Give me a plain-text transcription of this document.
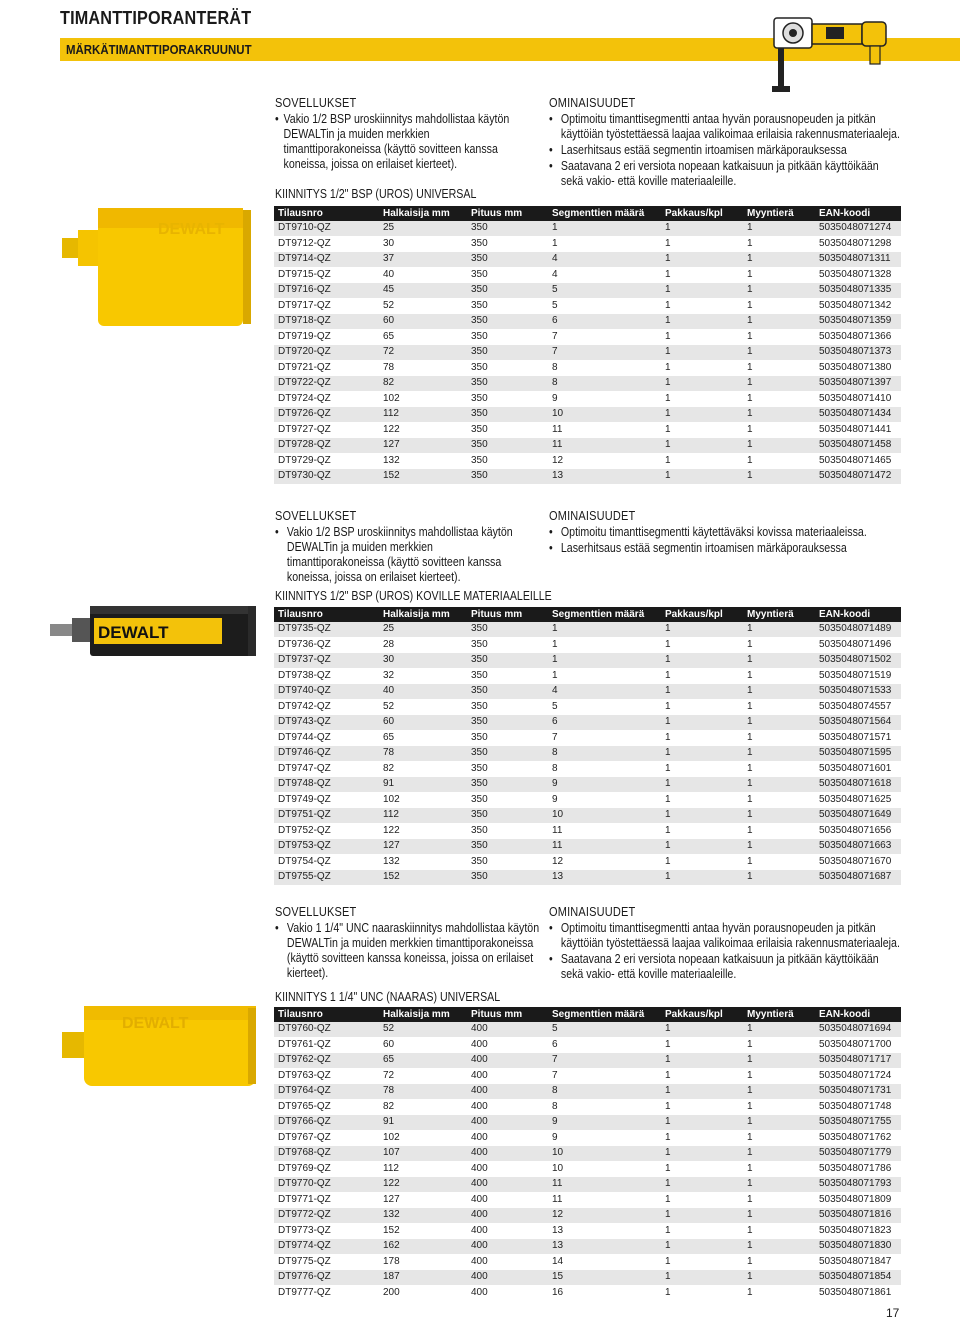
TIMANTTIPORANTERÄT
MÄRKÄTIMANTTIPORAKRUUNUT
SOVELLUKSET
• Vakio 1/2 BSP uroskiinnitys mahdollistaa käytön DEWALTin ja muiden merkkien timanttiporakoneissa (käyttö sovitteen kanssa koneissa, joissa on erilaiset kierteet).
OMINAISUUDET
• Optimoitu timanttisegmentti antaa hyvän porausnopeuden ja pitkän käyttöiän työstettäessä laajaa valikoimaa erilaisia rakennusmateriaaleja.
• Laserhitsaus estää segmentin irtoamisen märkäporauksessa
• Saatavana 2 eri versiota nopeaan katkaisuun ja pitkään käyttöikään sekä vakio- että koville materiaaleille.
KIINNITYS 1/2" BSP (UROS) UNIVERSAL
DEWALT
Tilausnro	Halkaisija mm	Pituus mm	Segmenttien määrä	Pakkaus/kpl	Myyntierä	EAN-koodi
DT9710-QZ	25	350	1	1	1	5035048071274
DT9712-QZ	30	350	1	1	1	5035048071298
DT9714-QZ	37	350	4	1	1	5035048071311
DT9715-QZ	40	350	4	1	1	5035048071328
DT9716-QZ	45	350	5	1	1	5035048071335
DT9717-QZ	52	350	5	1	1	5035048071342
DT9718-QZ	60	350	6	1	1	5035048071359
DT9719-QZ	65	350	7	1	1	5035048071366
DT9720-QZ	72	350	7	1	1	5035048071373
DT9721-QZ	78	350	8	1	1	5035048071380
DT9722-QZ	82	350	8	1	1	5035048071397
DT9724-QZ	102	350	9	1	1	5035048071410
DT9726-QZ	112	350	10	1	1	5035048071434
DT9727-QZ	122	350	11	1	1	5035048071441
DT9728-QZ	127	350	11	1	1	5035048071458
DT9729-QZ	132	350	12	1	1	5035048071465
DT9730-QZ	152	350	13	1	1	5035048071472
SOVELLUKSET
• Vakio 1/2 BSP uroskiinnitys mahdollistaa käytön DEWALTin ja muiden merkkien timanttiporakoneissa (käyttö sovitteen kanssa koneissa, joissa on erilaiset kierteet).
OMINAISUUDET
• Optimoitu timanttisegmentti käytettäväksi kovissa materiaaleissa.
• Laserhitsaus estää segmentin irtoamisen märkäporauksessa
KIINNITYS 1/2" BSP (UROS) KOVILLE MATERIAALEILLE
DEWALT
Tilausnro	Halkaisija mm	Pituus mm	Segmenttien määrä	Pakkaus/kpl	Myyntierä	EAN-koodi
DT9735-QZ	25	350	1	1	1	5035048071489
DT9736-QZ	28	350	1	1	1	5035048071496
DT9737-QZ	30	350	1	1	1	5035048071502
DT9738-QZ	32	350	1	1	1	5035048071519
DT9740-QZ	40	350	4	1	1	5035048071533
DT9742-QZ	52	350	5	1	1	5035048074557
DT9743-QZ	60	350	6	1	1	5035048071564
DT9744-QZ	65	350	7	1	1	5035048071571
DT9746-QZ	78	350	8	1	1	5035048071595
DT9747-QZ	82	350	8	1	1	5035048071601
DT9748-QZ	91	350	9	1	1	5035048071618
DT9749-QZ	102	350	9	1	1	5035048071625
DT9751-QZ	112	350	10	1	1	5035048071649
DT9752-QZ	122	350	11	1	1	5035048071656
DT9753-QZ	127	350	11	1	1	5035048071663
DT9754-QZ	132	350	12	1	1	5035048071670
DT9755-QZ	152	350	13	1	1	5035048071687
SOVELLUKSET
• Vakio 1 1/4" UNC naaraskiinnitys mahdollistaa käytön DEWALTin ja muiden merkkien timanttiporakoneissa (käyttö sovitteen kanssa koneissa, joissa on erilaiset kierteet).
OMINAISUUDET
• Optimoitu timanttisegmentti antaa hyvän porausnopeuden ja pitkän käyttöiän työstettäessä laajaa valikoimaa erilaisia rakennusmateriaaleja.
• Saatavana 2 eri versiota nopeaan katkaisuun ja pitkään käyttöikään sekä vakio- että koville materiaaleille.
KIINNITYS 1 1/4" UNC (NAARAS) UNIVERSAL
DEWALT
Tilausnro	Halkaisija mm	Pituus mm	Segmenttien määrä	Pakkaus/kpl	Myyntierä	EAN-koodi
DT9760-QZ	52	400	5	1	1	5035048071694
DT9761-QZ	60	400	6	1	1	5035048071700
DT9762-QZ	65	400	7	1	1	5035048071717
DT9763-QZ	72	400	7	1	1	5035048071724
DT9764-QZ	78	400	8	1	1	5035048071731
DT9765-QZ	82	400	8	1	1	5035048071748
DT9766-QZ	91	400	9	1	1	5035048071755
DT9767-QZ	102	400	9	1	1	5035048071762
DT9768-QZ	107	400	10	1	1	5035048071779
DT9769-QZ	112	400	10	1	1	5035048071786
DT9770-QZ	122	400	11	1	1	5035048071793
DT9771-QZ	127	400	11	1	1	5035048071809
DT9772-QZ	132	400	12	1	1	5035048071816
DT9773-QZ	152	400	13	1	1	5035048071823
DT9774-QZ	162	400	13	1	1	5035048071830
DT9775-QZ	178	400	14	1	1	5035048071847
DT9776-QZ	187	400	15	1	1	5035048071854
DT9777-QZ	200	400	16	1	1	5035048071861
17
